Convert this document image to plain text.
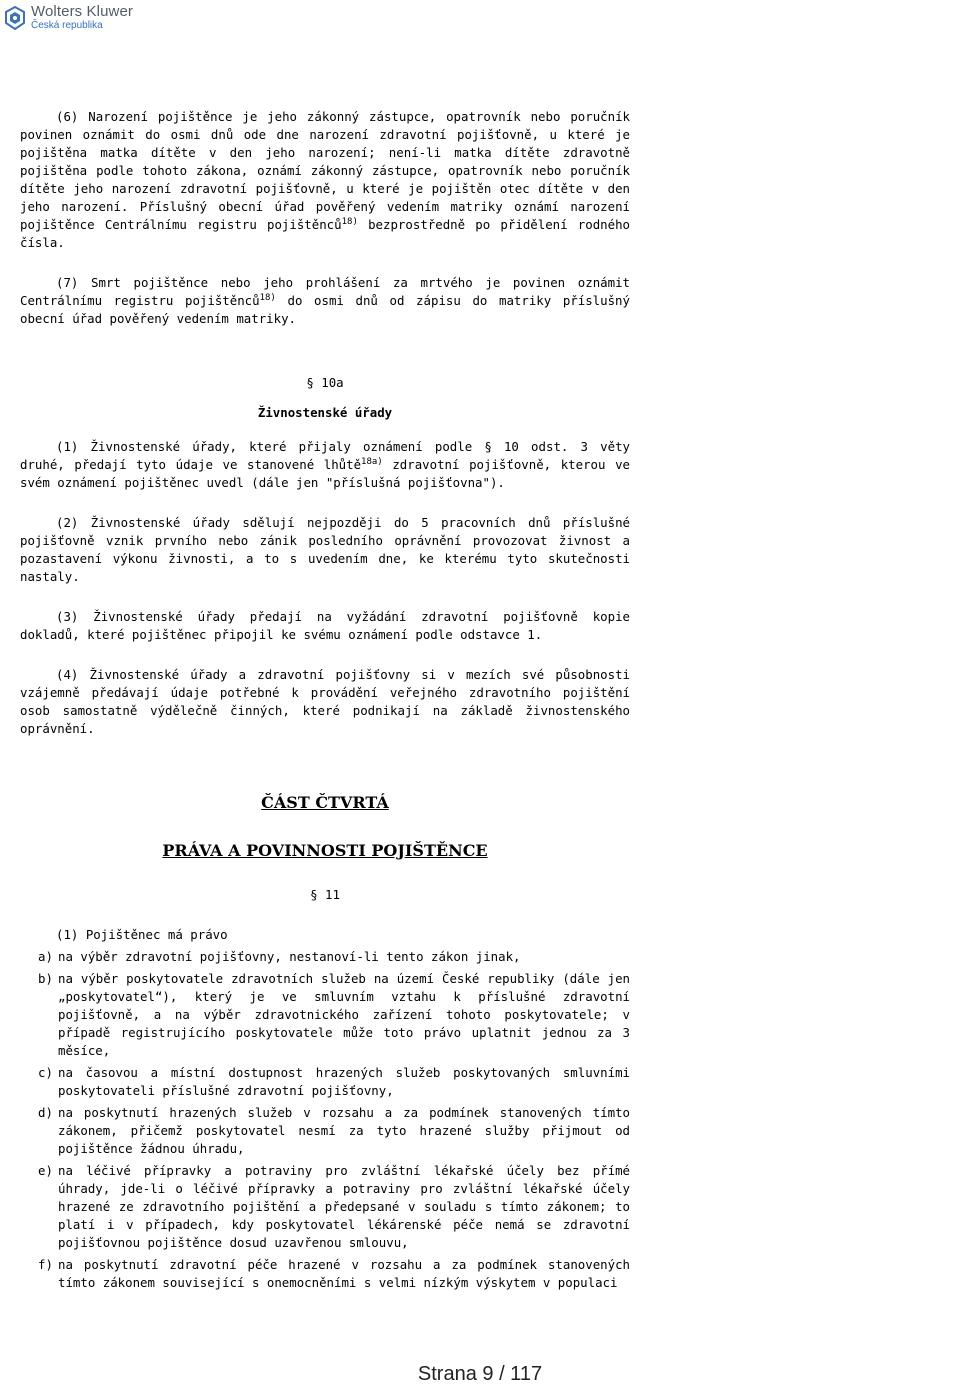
Wolters Kluwer
Česká republika

(6) Narození pojištěnce je jeho zákonný zástupce, opatrovník nebo poručník povinen oznámit do osmi dnů ode dne narození zdravotní pojišťovně, u které je pojištěna matka dítěte v den jeho narození; není-li matka dítěte zdravotně pojištěna podle tohoto zákona, oznámí zákonný zástupce, opatrovník nebo poručník dítěte jeho narození zdravotní pojišťovně, u které je pojištěn otec dítěte v den jeho narození. Příslušný obecní úřad pověřený vedením matriky oznámí narození pojištěnce Centrálnímu registru pojištěnců$^{18)}$ bezprostředně po přidělení rodného čísla.

(7) Smrt pojištěnce nebo jeho prohlášení za mrtvého je povinen oznámit Centrálnímu registru pojištěnců$^{18)}$ do osmi dnů od zápisu do matriky příslušný obecní úřad pověřený vedením matriky.

§ 10a

Živnostenské úřady

(1) Živnostenské úřady, které přijaly oznámení podle § 10 odst. 3 věty druhé, předají tyto údaje ve stanovené lhůtě$^{18a)}$ zdravotní pojišťovně, kterou ve svém oznámení pojištěnec uvedl (dále jen "příslušná pojišťovna").

(2) Živnostenské úřady sdělují nejpozději do 5 pracovních dnů příslušné pojišťovně vznik prvního nebo zánik posledního oprávnění provozovat živnost a pozastavení výkonu živnosti, a to s uvedením dne, ke kterému tyto skutečnosti nastaly.

(3) Živnostenské úřady předají na vyžádání zdravotní pojišťovně kopie dokladů, které pojištěnec připojil ke svému oznámení podle odstavce 1.

(4) Živnostenské úřady a zdravotní pojišťovny si v mezích své působnosti vzájemně předávají údaje potřebné k provádění veřejného zdravotního pojištění osob samostatně výdělečně činných, které podnikají na základě živnostenského oprávnění.

ČÁST ČTVRTÁ

PRÁVA A POVINNOSTI POJIŠTĚNCE

§ 11

(1) Pojištěnec má právo

a) na výběr zdravotní pojišťovny, nestanoví-li tento zákon jinak,
b) na výběr poskytovatele zdravotních služeb na území České republiky (dále jen „poskytovatel“), který je ve smluvním vztahu k příslušné zdravotní pojišťovně, a na výběr zdravotnického zařízení tohoto poskytovatele; v případě registrujícího poskytovatele může toto právo uplatnit jednou za 3 měsíce,
c) na časovou a místní dostupnost hrazených služeb poskytovaných smluvními poskytovateli příslušné zdravotní pojišťovny,
d) na poskytnutí hrazených služeb v rozsahu a za podmínek stanovených tímto zákonem, přičemž poskytovatel nesmí za tyto hrazené služby přijmout od pojištěnce žádnou úhradu,
e) na léčivé přípravky a potraviny pro zvláštní lékařské účely bez přímé úhrady, jde-li o léčivé přípravky a potraviny pro zvláštní lékařské účely hrazené ze zdravotního pojištění a předepsané v souladu s tímto zákonem; to platí i v případech, kdy poskytovatel lékárenské péče nemá se zdravotní pojišťovnou pojištěnce dosud uzavřenou smlouvu,
f) na poskytnutí zdravotní péče hrazené v rozsahu a za podmínek stanovených tímto zákonem související s onemocněními s velmi nízkým výskytem v populaci
Strana 9 / 117
